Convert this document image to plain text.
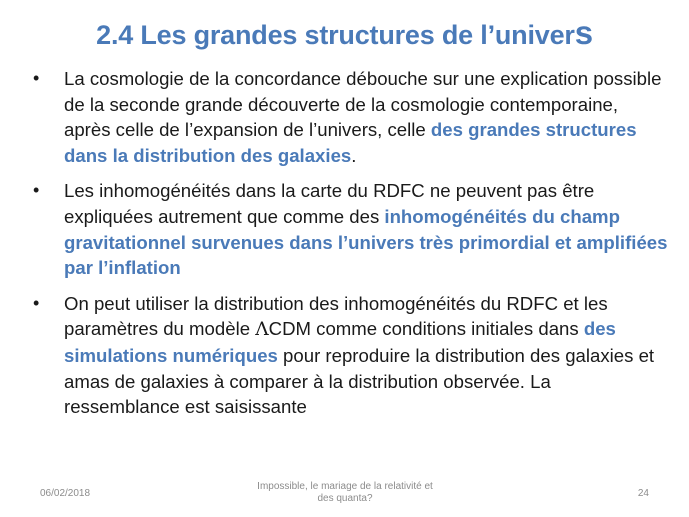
2.4 Les grandes structures de l’univers
• La cosmologie de la concordance débouche sur une explication possible de la seconde grande découverte de la cosmologie contemporaine, après celle de l’expansion de l’univers, celle des grandes structures dans la distribution des galaxies.
• Les inhomogénéités dans la carte du RDFC ne peuvent pas être expliquées autrement que comme des inhomogénéités du champ gravitationnel survenues dans l’univers très primordial et amplifiées par l’inflation
• On peut utiliser la distribution des inhomogénéités du RDFC et les paramètres du modèle ΛCDM comme conditions initiales dans des simulations numériques pour reproduire la distribution des galaxies et amas de galaxies à comparer à la distribution observée. La ressemblance est saisissante
06/02/2018
Impossible, le mariage de la relativité et
des quanta?	24
